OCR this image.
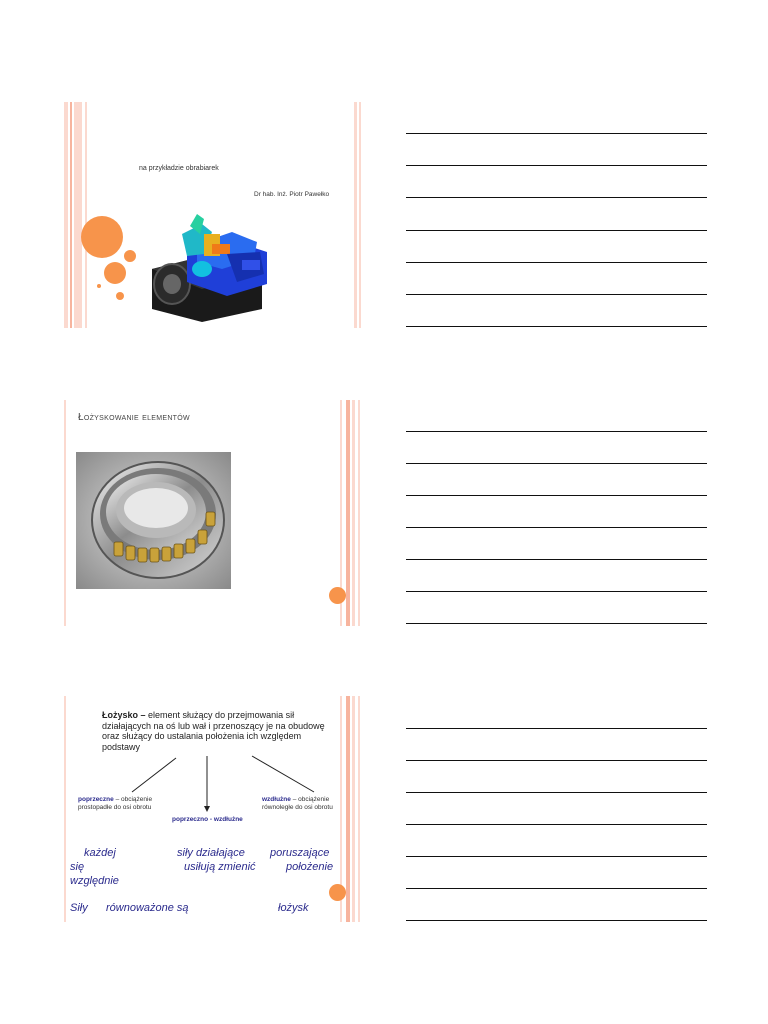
na przykładzie obrabiarek
Dr hab. Inż. Piotr Pawełko
Łożyskowanie elementów
Łożysko – element służący do przejmowania sił działających na oś lub wał i przenoszący je na obudowę oraz służący do ustalania położenia ich względem podstawy
poprzeczne – obciążenie prostopadłe do osi obrotu
wzdłużne – obciążenie równoległe do osi obrotu
poprzeczno - wzdłużne
każdej	siły działające poruszające
się	usiłują zmienić	położenie
względnie
Siły równoważone są	łożysk
